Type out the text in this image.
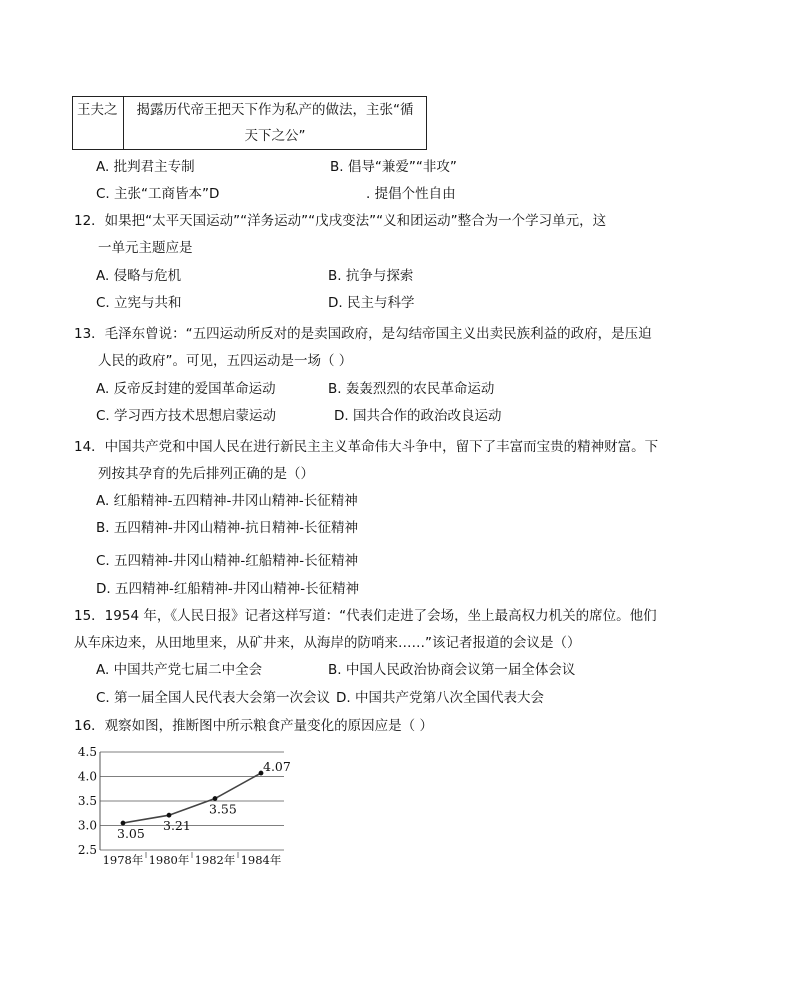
王夫之	揭露历代帝王把天下作为私产的做法，主张“循
天下之公”
A. 批判君主专制	B. 倡导“兼爱”“非攻”
C. 主张“工商皆本”D	. 提倡个性自由
12．如果把“太平天国运动”“洋务运动”“戊戌变法”“义和团运动”整合为一个学习单元，这
一单元主题应是
A. 侵略与危机	B. 抗争与探索
C. 立宪与共和	D. 民主与科学
13．毛泽东曾说：“五四运动所反对的是卖国政府，是勾结帝国主义出卖民族利益的政府，是压迫
人民的政府”。可见，五四运动是一场（ ）
A. 反帝反封建的爱国革命运动	B. 轰轰烈烈的农民革命运动
C. 学习西方技术思想启蒙运动	D. 国共合作的政治改良运动
14．中国共产党和中国人民在进行新民主主义革命伟大斗争中，留下了丰富而宝贵的精神财富。下
列按其孕育的先后排列正确的是（）
A. 红船精神-五四精神-井冈山精神-长征精神
B. 五四精神-井冈山精神-抗日精神-长征精神
C. 五四精神-井冈山精神-红船精神-长征精神
D. 五四精神-红船精神-井冈山精神-长征精神
15．1954 年，《人民日报》记者这样写道：“代表们走进了会场，坐上最高权力机关的席位。他们
从车床边来，从田地里来，从矿井来，从海岸的防哨来……”该记者报道的会议是（）
A. 中国共产党七届二中全会	B. 中国人民政治协商会议第一届全体会议
C. 第一届全国人民代表大会第一次会议 D. 中国共产党第八次全国代表大会
16．观察如图，推断图中所示粮食产量变化的原因应是（ ）
4.5
4.0
3.5
3.0
2.5
1978年 1980年 1982年 1984年
3.05
3.21
3.55
4.07
